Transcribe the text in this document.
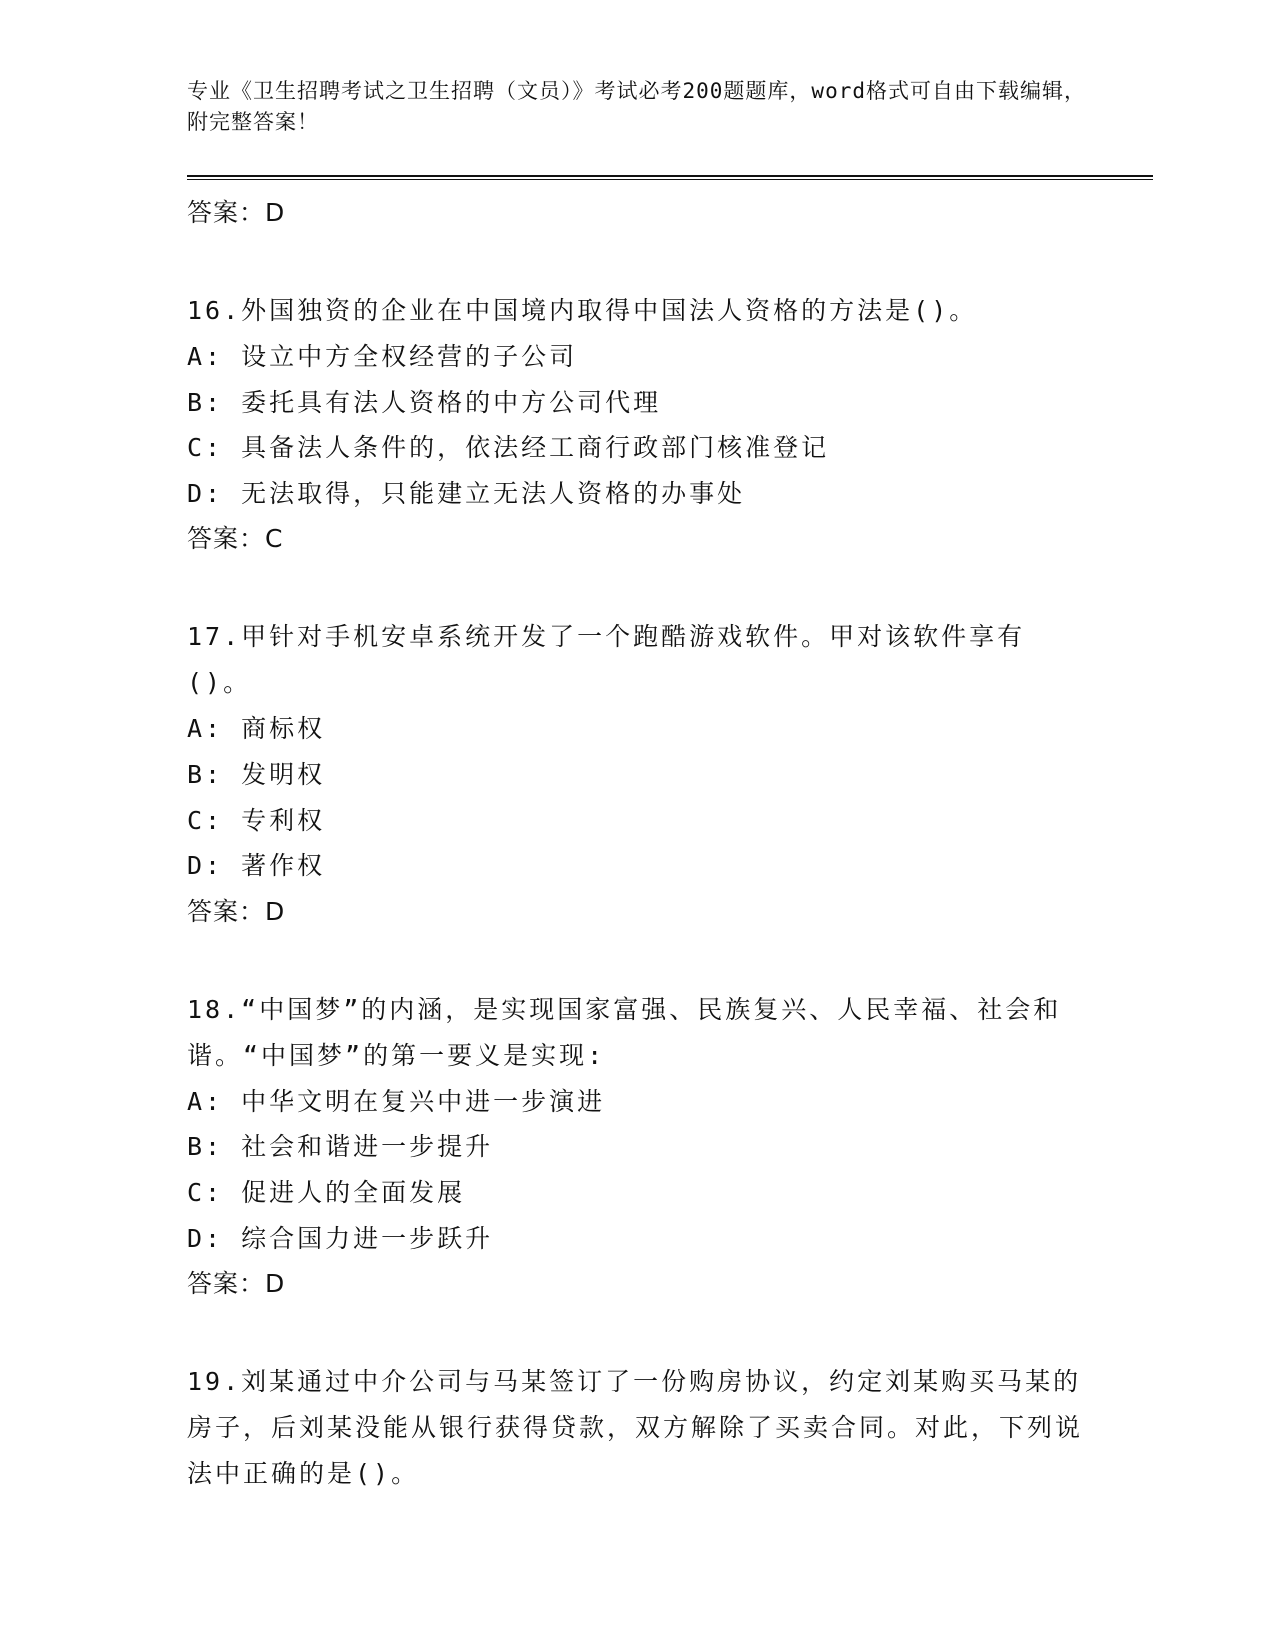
专业《卫生招聘考试之卫生招聘（文员）》考试必考200题题库，word格式可自由下载编辑，附完整答案！
答案：D
16.外国独资的企业在中国境内取得中国法人资格的方法是()。
A: 设立中方全权经营的子公司
B: 委托具有法人资格的中方公司代理
C: 具备法人条件的，依法经工商行政部门核准登记
D: 无法取得，只能建立无法人资格的办事处
答案：C
17.甲针对手机安卓系统开发了一个跑酷游戏软件。甲对该软件享有()。
A: 商标权
B: 发明权
C: 专利权
D: 著作权
答案：D
18.“中国梦”的内涵，是实现国家富强、民族复兴、人民幸福、社会和谐。“中国梦”的第一要义是实现:
A: 中华文明在复兴中进一步演进
B: 社会和谐进一步提升
C: 促进人的全面发展
D: 综合国力进一步跃升
答案：D
19.刘某通过中介公司与马某签订了一份购房协议，约定刘某购买马某的房子，后刘某没能从银行获得贷款，双方解除了买卖合同。对此，下列说法中正确的是()。
